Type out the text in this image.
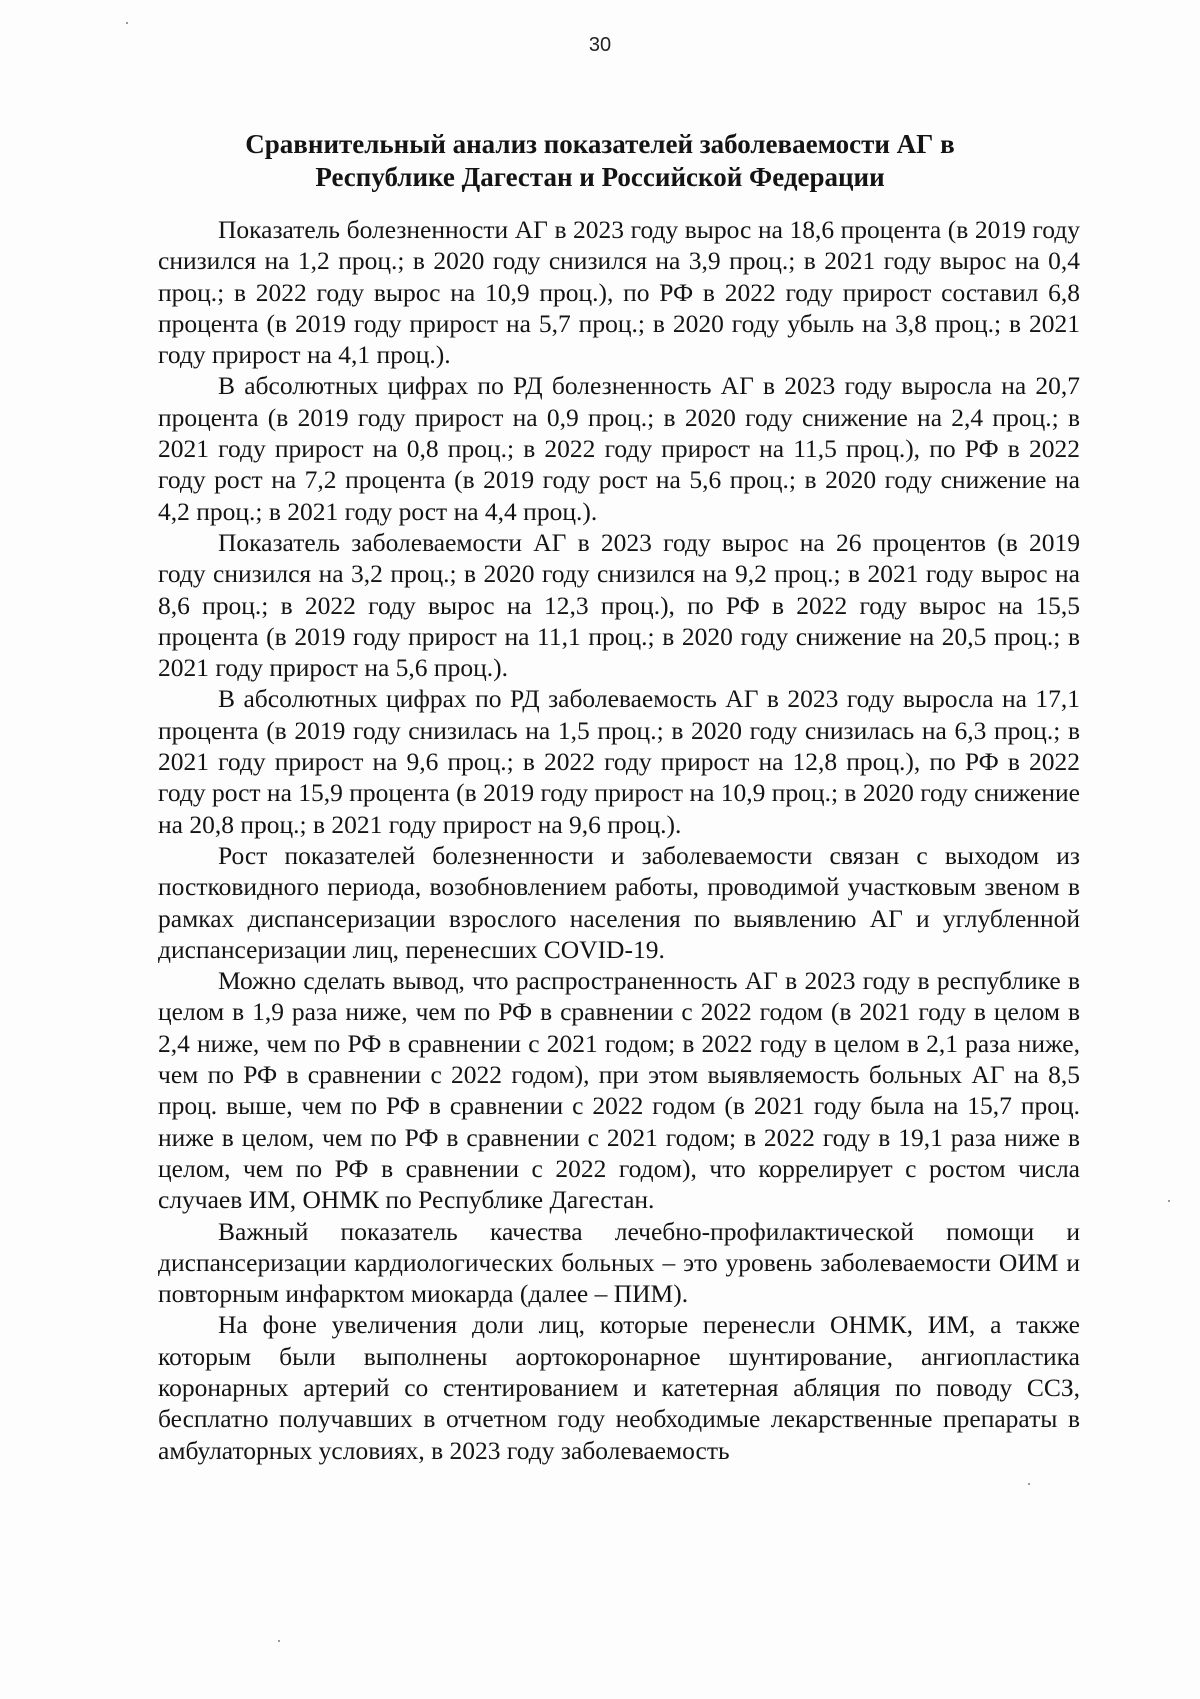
30
Сравнительный анализ показателей заболеваемости АГ в
Республике Дагестан и Российской Федерации

Показатель болезненности АГ в 2023 году вырос на 18,6 процента (в 2019 году снизился на 1,2 проц.; в 2020 году снизился на 3,9 проц.; в 2021 году вырос на 0,4 проц.; в 2022 году вырос на 10,9 проц.), по РФ в 2022 году прирост составил 6,8 процента (в 2019 году прирост на 5,7 проц.; в 2020 году убыль на 3,8 проц.; в 2021 году прирост на 4,1 проц.).

В абсолютных цифрах по РД болезненность АГ в 2023 году выросла на 20,7 процента (в 2019 году прирост на 0,9 проц.; в 2020 году снижение на 2,4 проц.; в 2021 году прирост на 0,8 проц.; в 2022 году прирост на 11,5 проц.), по РФ в 2022 году рост на 7,2 процента (в 2019 году рост на 5,6 проц.; в 2020 году снижение на 4,2 проц.; в 2021 году рост на 4,4 проц.).

Показатель заболеваемости АГ в 2023 году вырос на 26 процентов (в 2019 году снизился на 3,2 проц.; в 2020 году снизился на 9,2 проц.; в 2021 году вырос на 8,6 проц.; в 2022 году вырос на 12,3 проц.), по РФ в 2022 году вырос на 15,5 процента (в 2019 году прирост на 11,1 проц.; в 2020 году снижение на 20,5 проц.; в 2021 году прирост на 5,6 проц.).

В абсолютных цифрах по РД заболеваемость АГ в 2023 году выросла на 17,1 процента (в 2019 году снизилась на 1,5 проц.; в 2020 году снизилась на 6,3 проц.; в 2021 году прирост на 9,6 проц.; в 2022 году прирост на 12,8 проц.), по РФ в 2022 году рост на 15,9 процента (в 2019 году прирост на 10,9 проц.; в 2020 году снижение на 20,8 проц.; в 2021 году прирост на 9,6 проц.).

Рост показателей болезненности и заболеваемости связан с выходом из постковидного периода, возобновлением работы, проводимой участковым звеном в рамках диспансеризации взрослого населения по выявлению АГ и углубленной диспансеризации лиц, перенесших COVID-19.

Можно сделать вывод, что распространенность АГ в 2023 году в республике в целом в 1,9 раза ниже, чем по РФ в сравнении с 2022 годом (в 2021 году в целом в 2,4 ниже, чем по РФ в сравнении с 2021 годом; в 2022 году в целом в 2,1 раза ниже, чем по РФ в сравнении с 2022 годом), при этом выявляемость больных АГ на 8,5 проц. выше, чем по РФ в сравнении с 2022 годом (в 2021 году была на 15,7 проц. ниже в целом, чем по РФ в сравнении с 2021 годом; в 2022 году в 19,1 раза ниже в целом, чем по РФ в сравнении с 2022 годом), что коррелирует с ростом числа случаев ИМ, ОНМК по Республике Дагестан.

Важный показатель качества лечебно-профилактической помощи и диспансеризации кардиологических больных – это уровень заболеваемости ОИМ и повторным инфарктом миокарда (далее – ПИМ).

На фоне увеличения доли лиц, которые перенесли ОНМК, ИМ, а также которым были выполнены аортокоронарное шунтирование, ангиопластика коронарных артерий со стентированием и катетерная абляция по поводу ССЗ, бесплатно получавших в отчетном году необходимые лекарственные препараты в амбулаторных условиях, в 2023 году заболеваемость
